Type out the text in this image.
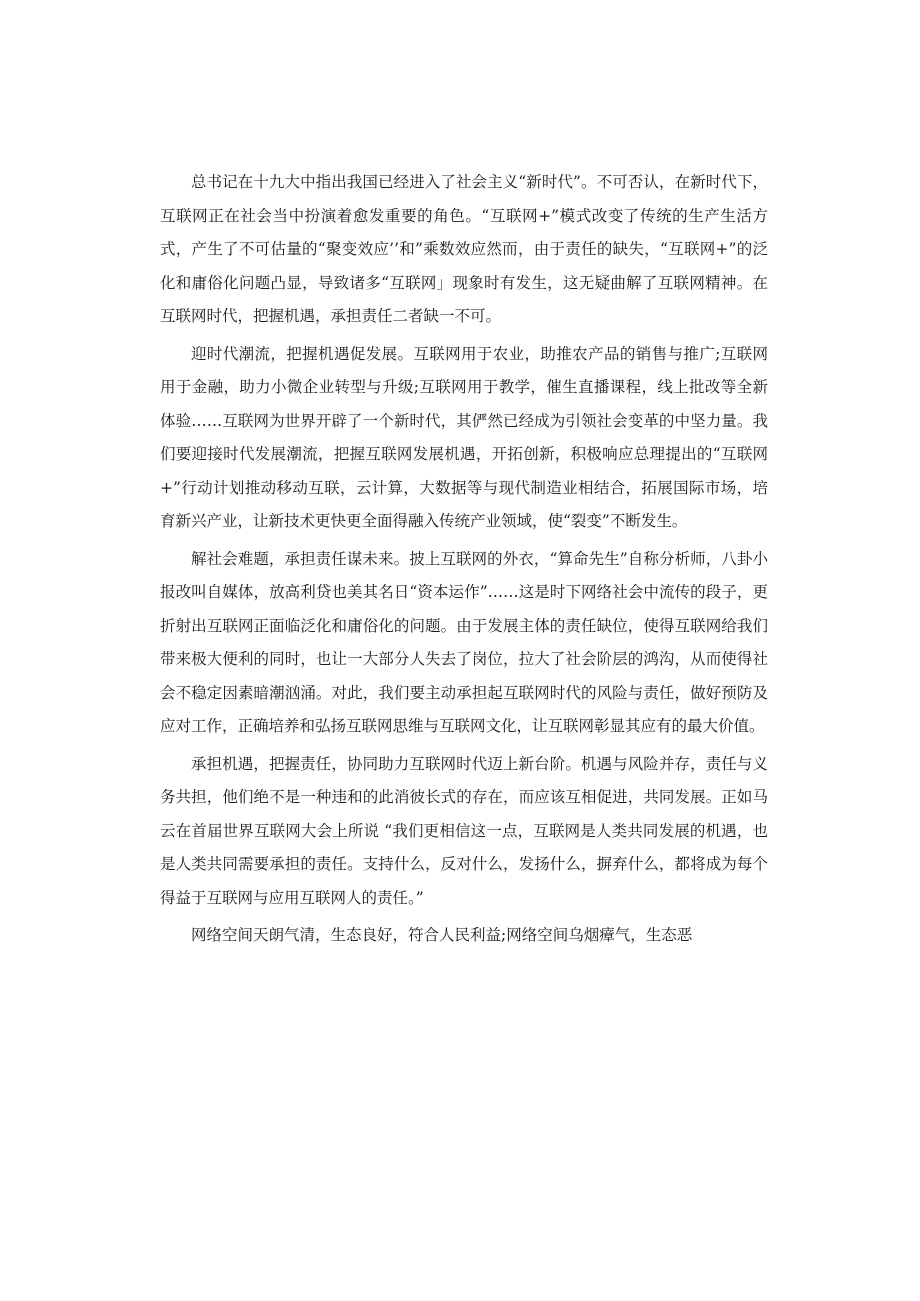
总书记在十九大中指出我国已经进入了社会主义“新时代”。不可否认，在新时代下，互联网正在社会当中扮演着愈发重要的角色。“互联网+”模式改变了传统的生产生活方式，产生了不可估量的“聚变效应’’和”乘数效应然而，由于责任的缺失，“互联网+”的泛化和庸俗化问题凸显，导致诸多“互联网」现象时有发生，这无疑曲解了互联网精神。在互联网时代，把握机遇，承担责任二者缺一不可。

迎时代潮流，把握机遇促发展。互联网用于农业，助推农产品的销售与推广;互联网用于金融，助力小微企业转型与升级;互联网用于教学，催生直播课程，线上批改等全新体验……互联网为世界开辟了一个新时代，其俨然已经成为引领社会变革的中坚力量。我们要迎接时代发展潮流，把握互联网发展机遇，开拓创新，积极响应总理提出的“互联网+”行动计划推动移动互联，云计算，大数据等与现代制造业相结合，拓展国际市场，培育新兴产业，让新技术更快更全面得融入传统产业领域，使“裂变”不断发生。

解社会难题，承担责任谋未来。披上互联网的外衣，“算命先生”自称分析师，八卦小报改叫自媒体，放高利贷也美其名日“资本运作”……这是时下网络社会中流传的段子，更折射出互联网正面临泛化和庸俗化的问题。由于发展主体的责任缺位，使得互联网给我们带来极大便利的同时，也让一大部分人失去了岗位，拉大了社会阶层的鸿沟，从而使得社会不稳定因素暗潮汹涌。对此，我们要主动承担起互联网时代的风险与责任，做好预防及应对工作，正确培养和弘扬互联网思维与互联网文化，让互联网彰显其应有的最大价值。

承担机遇，把握责任，协同助力互联网时代迈上新台阶。机遇与风险并存，责任与义务共担，他们绝不是一种违和的此消彼长式的存在，而应该互相促进，共同发展。正如马云在首届世界互联网大会上所说 “我们更相信这一点，互联网是人类共同发展的机遇，也是人类共同需要承担的责任。支持什么，反对什么，发扬什么，摒弃什么，都将成为每个得益于互联网与应用互联网人的责任。”

网络空间天朗气清，生态良好，符合人民利益;网络空间乌烟瘴气，生态恶
